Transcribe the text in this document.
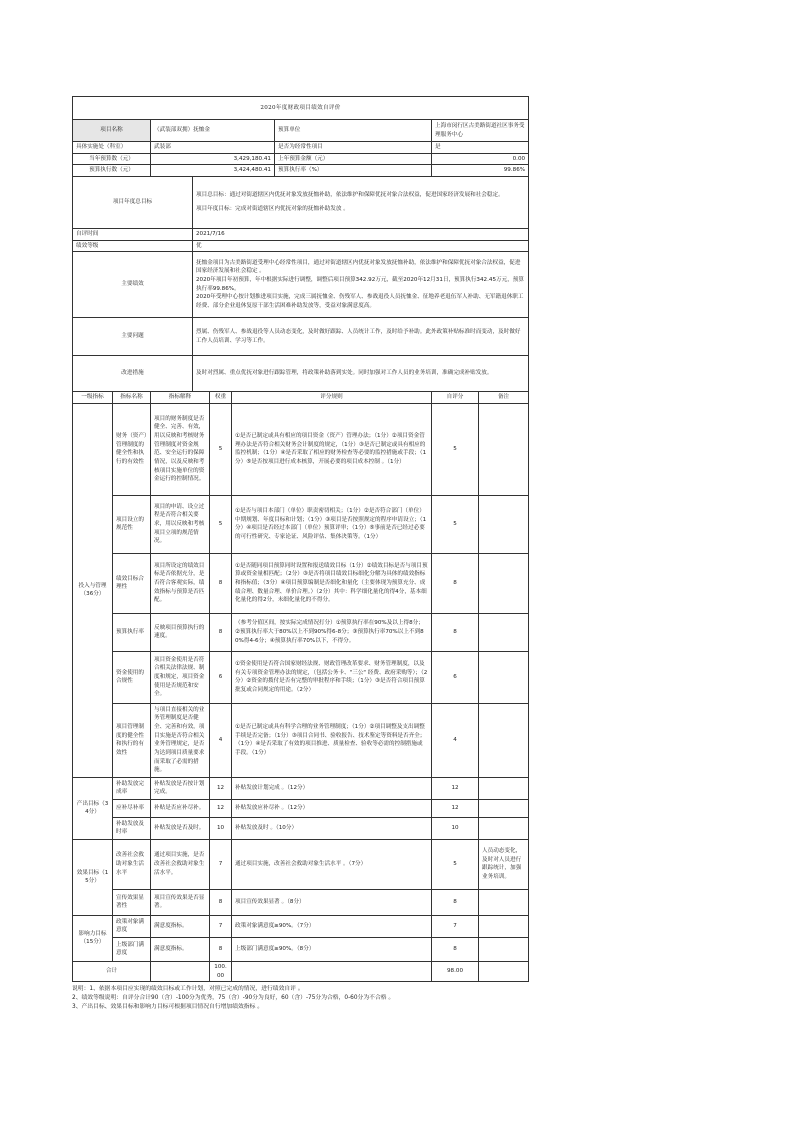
2020年度财政项目绩效自评价								
项目名称		（武装部双拥）抚恤金				预算单位	上海市闵行区古美路街道社区事务受理服务中心	
具体实施处（科室）		武装部				是否为经常性项目	是	
当年预算数（元）		3,429,180.41				上年预算金额（元）	0.00	
预算执行数（元）		3,424,480.41				预算执行率（%）	99.86%	
项目年度总目标			项目总目标：通过对街道辖区内优抚对象发放抚恤补助，依法维护和保障优抚对象合法权益，促进国家经济发展和社会稳定。

项目年度目标：完成对街道辖区内优抚对象的抚恤补助发放 。					

自评时间			2021/7/16					
绩效等级			优					
主要绩效			抚恤金项目为古美路街道受理中心经常性项目，通过对街道辖区内优抚对象发放抚恤补助，依法维护和保障优抚对象合法权益，促进国家经济发展和社会稳定 。
2020年项目年初预算，年中根据实际进行调整，调整后项目预算342.92万元，截至2020年12月31日，预算执行342.45万元，预算执行率99.86%。
2020年受理中心按计划推进项目实施，完成三属抚恤金、伤残军人、参战退役人员抚恤金、征地养老退伍军人补助、无军籍退休职工经费、部分企业退休复原干部生活困难补助发放等，受益对象满意度高。					

主要问题			烈属、伤残军人、参战退役等人员动态变化，及时做好跟踪、人员统计工作，及时给予补助。此外政策补贴标准时而变动，及时做好工作人员培训、学习等工作。					
改进措施			及时对烈属、重点优抚对象进行跟踪管理，将政策补助落到实处。同时加强对工作人员的业务培训，准确完成补贴发放。					
一级指标	指标名称	指标解释		权重	评分规则		自评分	备注
投入与管理（36分）	财务（资产）管理制度的健全性和执行的有效性	项目的财务制度是否健全、完善、有效，用以反映和考核财务管理制度对资金规范、安全运行的保障情况，以及反映和考核项目实施单位的资金运行的控制情况。		5	①是否已制定或具有相应的项目资金（资产）管理办法；（1分）②项目资金管理办法是否符合相关财务会计制度的规定，（1分）③是否已制定或具有相应的监控机制；（1分）④是否采取了相应的财务检查等必要的监控措施或手段；（1分）⑤是否按项目进行成本核算，开展必要的项目成本控制 。（1分）		5	
	项目设立的规范性	项目的申请、设立过程是否符合相关要求，用以反映和考核项目立项的规范情况。		5	①是否与项目本部门（单位）职责密切相关；（1分）②是否符合部门（单位）中期规划、年度目标和计划；（1分）③项目是否按照规定的程序申请设立；（1分）④项目是否经过本部门（单位）预算评审；（1分）⑤事前是否已经过必要的可行性研究、专家论证、风险评估、集体决策等。（1分）		5	
	绩效目标合理性	项目所设定的绩效目标是否依据充分，是否符合客观实际，绩效指标与预算是否匹配。		8	①是否随同项目预算同时设置和报送绩效目标（1分）②绩效目标是否与项目预算或资金量相匹配；（2分）③是否将项目绩效目标细化分解为具体的绩效指标和指标值；（3分）④项目预算编制是否细化和量化（主要体现为预算充分、成绩合理、数量合理、单价合理。）（2分）其中：科学细化量化的得4分，基本细化量化的得2分，未细化量化的不得分。		8	
	预算执行率	反映项目预算执行的速度。		8	（参考分值区间，按实际完成情况打分）①预算执行率在90%及以上得8分；②预算执行率大于80%以上不到90%得6-8分；③预算执行率70%以上不到80%得4-6分；④预算执行率70%以下，不得分。		8	
	资金使用的合规性	项目资金使用是否符合相关法律法规、制度和规定，项目资金使用是否规范和安全。		6	①资金使用是否符合国家财经法规、财政管理改革要求、财务管理制度，以及有关专项资金管理办法的规定，（包括公务卡、"三公" 经费、政府采购等）；（2分）②资金的拨付是否有完整的审批程序和手续；（1分）③是否符合项目预算批复或合同规定的用途。（2分）		6	
	项目管理制度的健全性和执行的有效性	与项目直接相关的业务管理制度是否健全、完善和有效，项目实施是否符合相关业务管理规定，是否为达到项目质量要求而采取了必需的措施。		4	①是否已制定或具有科学合理的业务管理制度；（1分）②项目调整及支出调整手续是否完备；（1分）③项目合同书、验收报告、技术鉴定等资料是否齐全；（1分）④是否采取了有效的项目推进、质量检查、验收等必需的控制措施或手段。（1分）		4	
产出目标（34分）	补助发放完成率	补贴发放是否按计划完成。		12	补贴发放计划完成 。（12分）		12	
	应补尽补率	补贴是否应补尽补。		12	补贴发放应补尽补 。（12分）		12	
	补助发放及时率	补贴发放是否及时。		10	补贴发放及时 。（10分）		10	
效果目标（15分）	改善社会救助对象生活水平	通过项目实施，是否改善社会救助对象生活水平。		7	通过项目实施，改善社会救助对象生活水平 。（7分）		5	人员动态变化，及时对人员进行跟踪统计，加强业务培训。
	宣传效果显著性	项目宣传效果是否显著。		8	项目宣传效果显著 。（8分）		8	
影响力目标（15分）	政策对象满意度	满意度指标。		7	政策对象满意度≥90%。（7分）		7	
	上级部门满意度	满意度指标。		8	上级部门满意度≥90%。（8分）		8	
合计				100.00			98.00	
说明：1、依据本项目应实现的绩效目标或工作计划，对照已完成的情况，进行绩效自评 。
2、绩效等级说明：自评分合计90（含）-100分为优秀，75（含）-90分为良好，60（含）-75分为合格，0-60分为不合格 。
3、产出目标、效果目标和影响力目标可根据项目情况自行增加绩效指标 。
